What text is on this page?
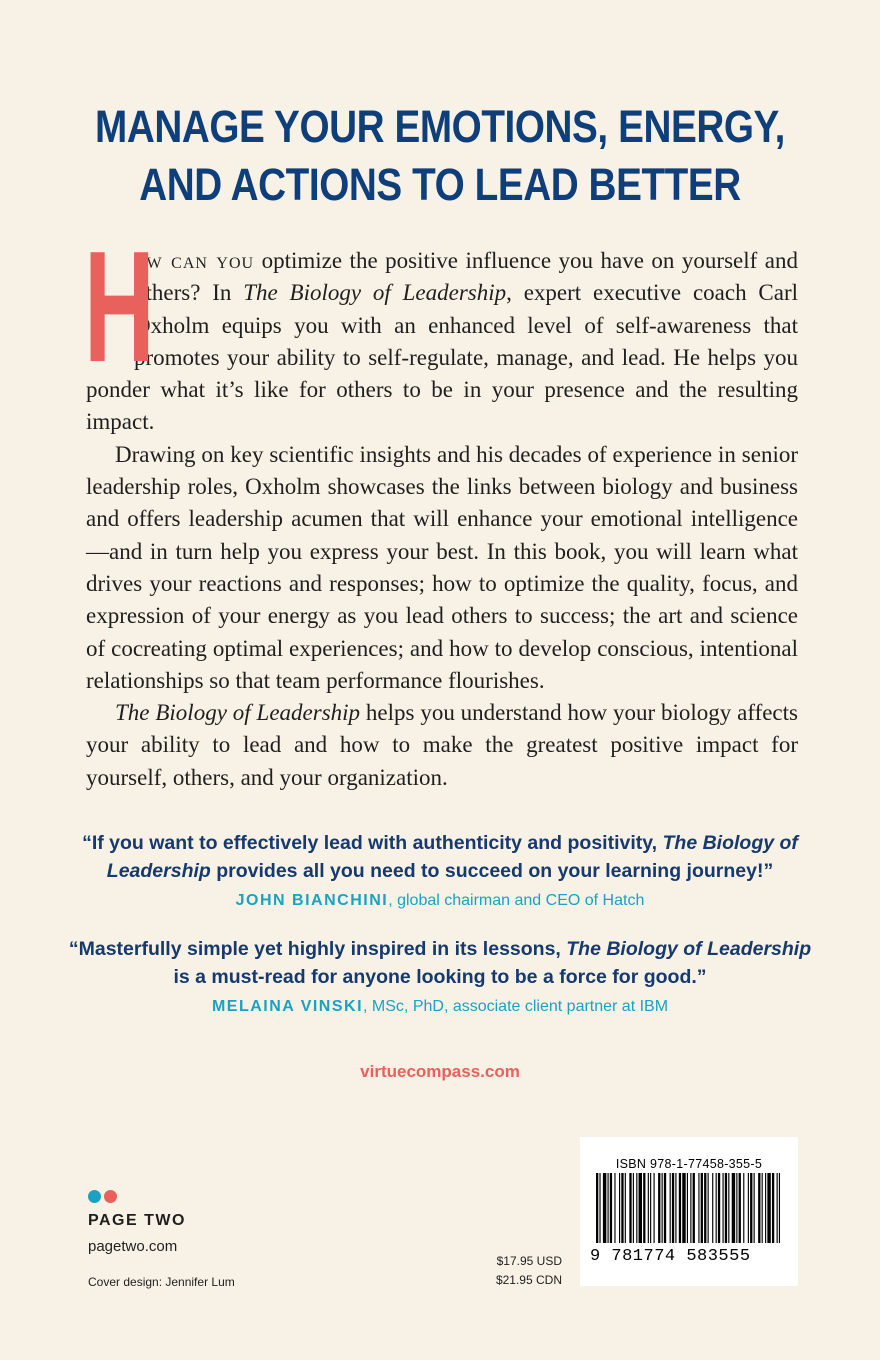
MANAGE YOUR EMOTIONS, ENERGY,
AND ACTIONS TO LEAD BETTER

H
ow can you optimize the positive influence you have on yourself and others? In The Biology of Leadership, expert executive coach Carl Oxholm equips you with an enhanced level of self-awareness that promotes your ability to self-regulate, manage, and lead. He helps you ponder what it’s like for others to be in your presence and the resulting impact.

Drawing on key scientific insights and his decades of experience in senior leadership roles, Oxholm showcases the links between biology and business and offers leadership acumen that will enhance your emotional intelligence—and in turn help you express your best. In this book, you will learn what drives your reactions and responses; how to optimize the quality, focus, and expression of your energy as you lead others to success; the art and science of cocreating optimal experiences; and how to develop conscious, intentional relationships so that team performance flourishes.

The Biology of Leadership helps you understand how your biology affects your ability to lead and how to make the greatest positive impact for yourself, others, and your organization.

“If you want to effectively lead with authenticity and positivity, The Biology of Leadership provides all you need to succeed on your learning journey!”
JOHN BIANCHINI, global chairman and CEO of Hatch
“Masterfully simple yet highly inspired in its lessons, The Biology of Leadership is a must-read for anyone looking to be a force for good.”
MELAINA VINSKI, MSc, PhD, associate client partner at IBM
virtuecompass.com
PAGE TWO
pagetwo.com
Cover design: Jennifer Lum
$17.95 USD
$21.95 CDN
ISBN 978-1-77458-355-5
9 781774 583555
